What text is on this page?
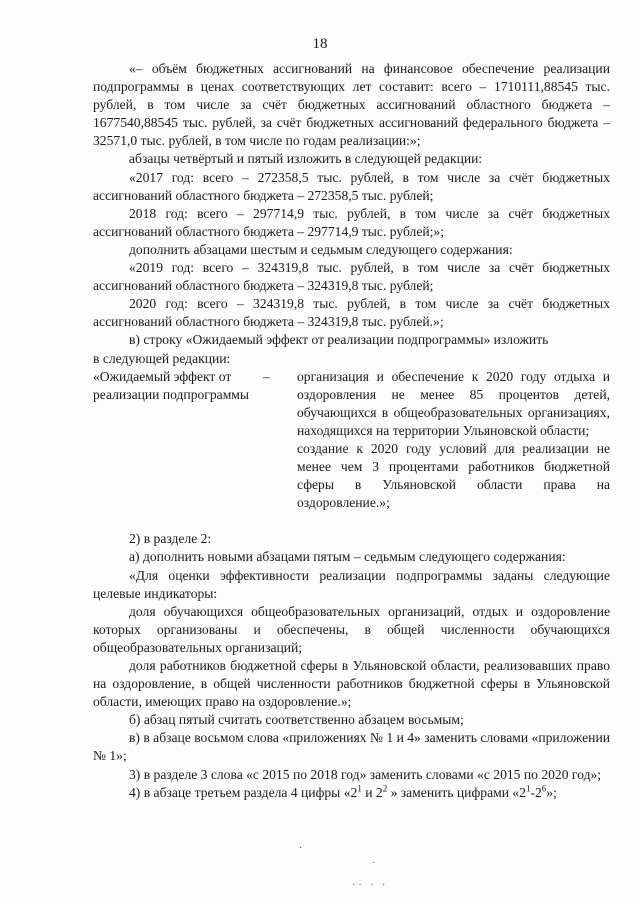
18

«– объём бюджетных ассигнований на финансовое обеспечение реализации подпрограммы в ценах соответствующих лет составит: всего – 1710111,88545 тыс. рублей, в том числе за счёт бюджетных ассигнований областного бюджета – 1677540,88545 тыс. рублей, за счёт бюджетных ассигнований федерального бюджета – 32571,0 тыс. рублей, в том числе по годам реализации:»;

абзацы четвёртый и пятый изложить в следующей редакции:

«2017 год: всего – 272358,5 тыс. рублей, в том числе за счёт бюджетных ассигнований областного бюджета – 272358,5 тыс. рублей;

2018 год: всего – 297714,9 тыс. рублей, в том числе за счёт бюджетных ассигнований областного бюджета – 297714,9 тыс. рублей;»;

дополнить абзацами шестым и седьмым следующего содержания:

«2019 год: всего – 324319,8 тыс. рублей, в том числе за счёт бюджетных ассигнований областного бюджета – 324319,8 тыс. рублей;

2020 год: всего – 324319,8 тыс. рублей, в том числе за счёт бюджетных ассигнований областного бюджета – 324319,8 тыс. рублей.»;

в) строку «Ожидаемый эффект от реализации подпрограммы» изложить

в следующей редакции:

«Ожидаемый эффект от реализации подпрограммы
–	организация и обеспечение к 2020 году отдыха и оздоровления не менее 85 процентов детей, обучающихся в общеобразовательных организациях, находящихся на территории Ульяновской области;

создание к 2020 году условий для реализации не менее чем 3 процентами работников бюджетной сферы в Ульяновской области права на оздоровление.»;

2) в разделе 2:

а) дополнить новыми абзацами пятым – седьмым следующего содержания:

«Для оценки эффективности реализации подпрограммы заданы следующие целевые индикаторы:

доля обучающихся общеобразовательных организаций, отдых и оздоровление которых организованы и обеспечены, в общей численности обучающихся общеобразовательных организаций;

доля работников бюджетной сферы в Ульяновской области, реализовавших право на оздоровление, в общей численности работников бюджетной сферы в Ульяновской области, имеющих право на оздоровление.»;

б) абзац пятый считать соответственно абзацем восьмым;

в) в абзаце восьмом слова «приложениях № 1 и 4» заменить словами «приложении № 1»;

3) в разделе 3 слова «с 2015 по 2018 год» заменить словами «с 2015 по 2020 год»;

4) в абзаце третьем раздела 4 цифры «$2^1$ и $2^2$ » заменить цифрами «$2^1-2^6$»;

·
·
·· · ·
